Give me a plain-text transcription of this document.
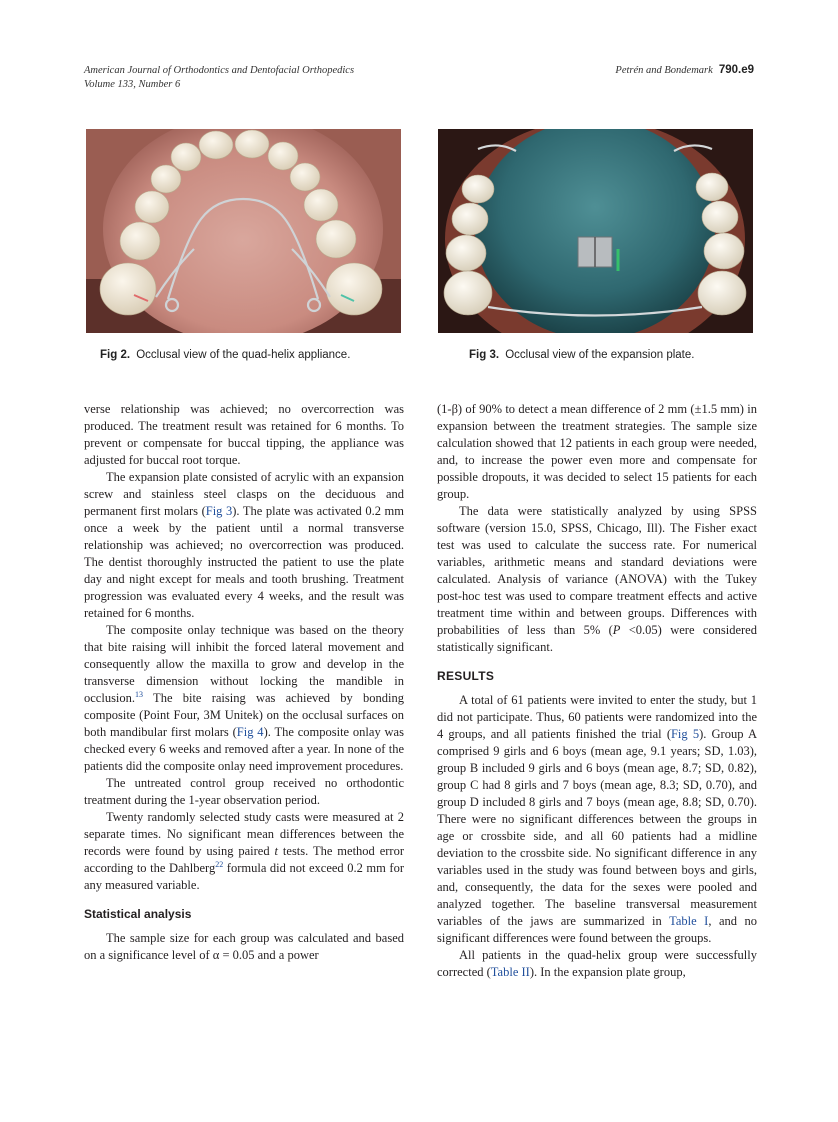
American Journal of Orthodontics and Dentofacial Orthopedics
Volume 133, Number 6
Petrén and Bondemark 790.e9
Fig 2. Occlusal view of the quad-helix appliance.	Fig 3. Occlusal view of the expansion plate.

verse relationship was achieved; no overcorrection was produced. The treatment result was retained for 6 months. To prevent or compensate for buccal tipping, the appliance was adjusted for buccal root torque.

The expansion plate consisted of acrylic with an expansion screw and stainless steel clasps on the deciduous and permanent first molars (Fig 3). The plate was activated 0.2 mm once a week by the patient until a normal transverse relationship was achieved; no overcorrection was produced. The dentist thoroughly instructed the patient to use the plate day and night except for meals and tooth brushing. Treatment progression was evaluated every 4 weeks, and the result was retained for 6 months.

The composite onlay technique was based on the theory that bite raising will inhibit the forced lateral movement and consequently allow the maxilla to grow and develop in the transverse dimension without locking the mandible in occlusion.$^{13}$ The bite raising was achieved by bonding composite (Point Four, 3M Unitek) on the occlusal surfaces on both mandibular first molars (Fig 4). The composite onlay was checked every 6 weeks and removed after a year. In none of the patients did the composite onlay need improvement procedures.

The untreated control group received no orthodontic treatment during the 1-year observation period.

Twenty randomly selected study casts were measured at 2 separate times. No significant mean differences between the records were found by using paired t tests. The method error according to the Dahlberg$^{22}$ formula did not exceed 0.2 mm for any measured variable.

Statistical analysis

The sample size for each group was calculated and based on a significance level of α = 0.05 and a power

(1-β) of 90% to detect a mean difference of 2 mm (±1.5 mm) in expansion between the treatment strategies. The sample size calculation showed that 12 patients in each group were needed, and, to increase the power even more and compensate for possible dropouts, it was decided to select 15 patients for each group.

The data were statistically analyzed by using SPSS software (version 15.0, SPSS, Chicago, Ill). The Fisher exact test was used to calculate the success rate. For numerical variables, arithmetic means and standard deviations were calculated. Analysis of variance (ANOVA) with the Tukey post-hoc test was used to compare treatment effects and active treatment time within and between groups. Differences with probabilities of less than 5% (P <0.05) were considered statistically significant.

RESULTS

A total of 61 patients were invited to enter the study, but 1 did not participate. Thus, 60 patients were randomized into the 4 groups, and all patients finished the trial (Fig 5). Group A comprised 9 girls and 6 boys (mean age, 9.1 years; SD, 1.03), group B included 9 girls and 6 boys (mean age, 8.7; SD, 0.82), group C had 8 girls and 7 boys (mean age, 8.3; SD, 0.70), and group D included 8 girls and 7 boys (mean age, 8.8; SD, 0.70). There were no significant differences between the groups in age or crossbite side, and all 60 patients had a midline deviation to the crossbite side. No significant difference in any variables used in the study was found between boys and girls, and, consequently, the data for the sexes were pooled and analyzed together. The baseline transversal measurement variables of the jaws are summarized in Table I, and no significant differences were found between the groups.

All patients in the quad-helix group were successfully corrected (Table II). In the expansion plate group,
